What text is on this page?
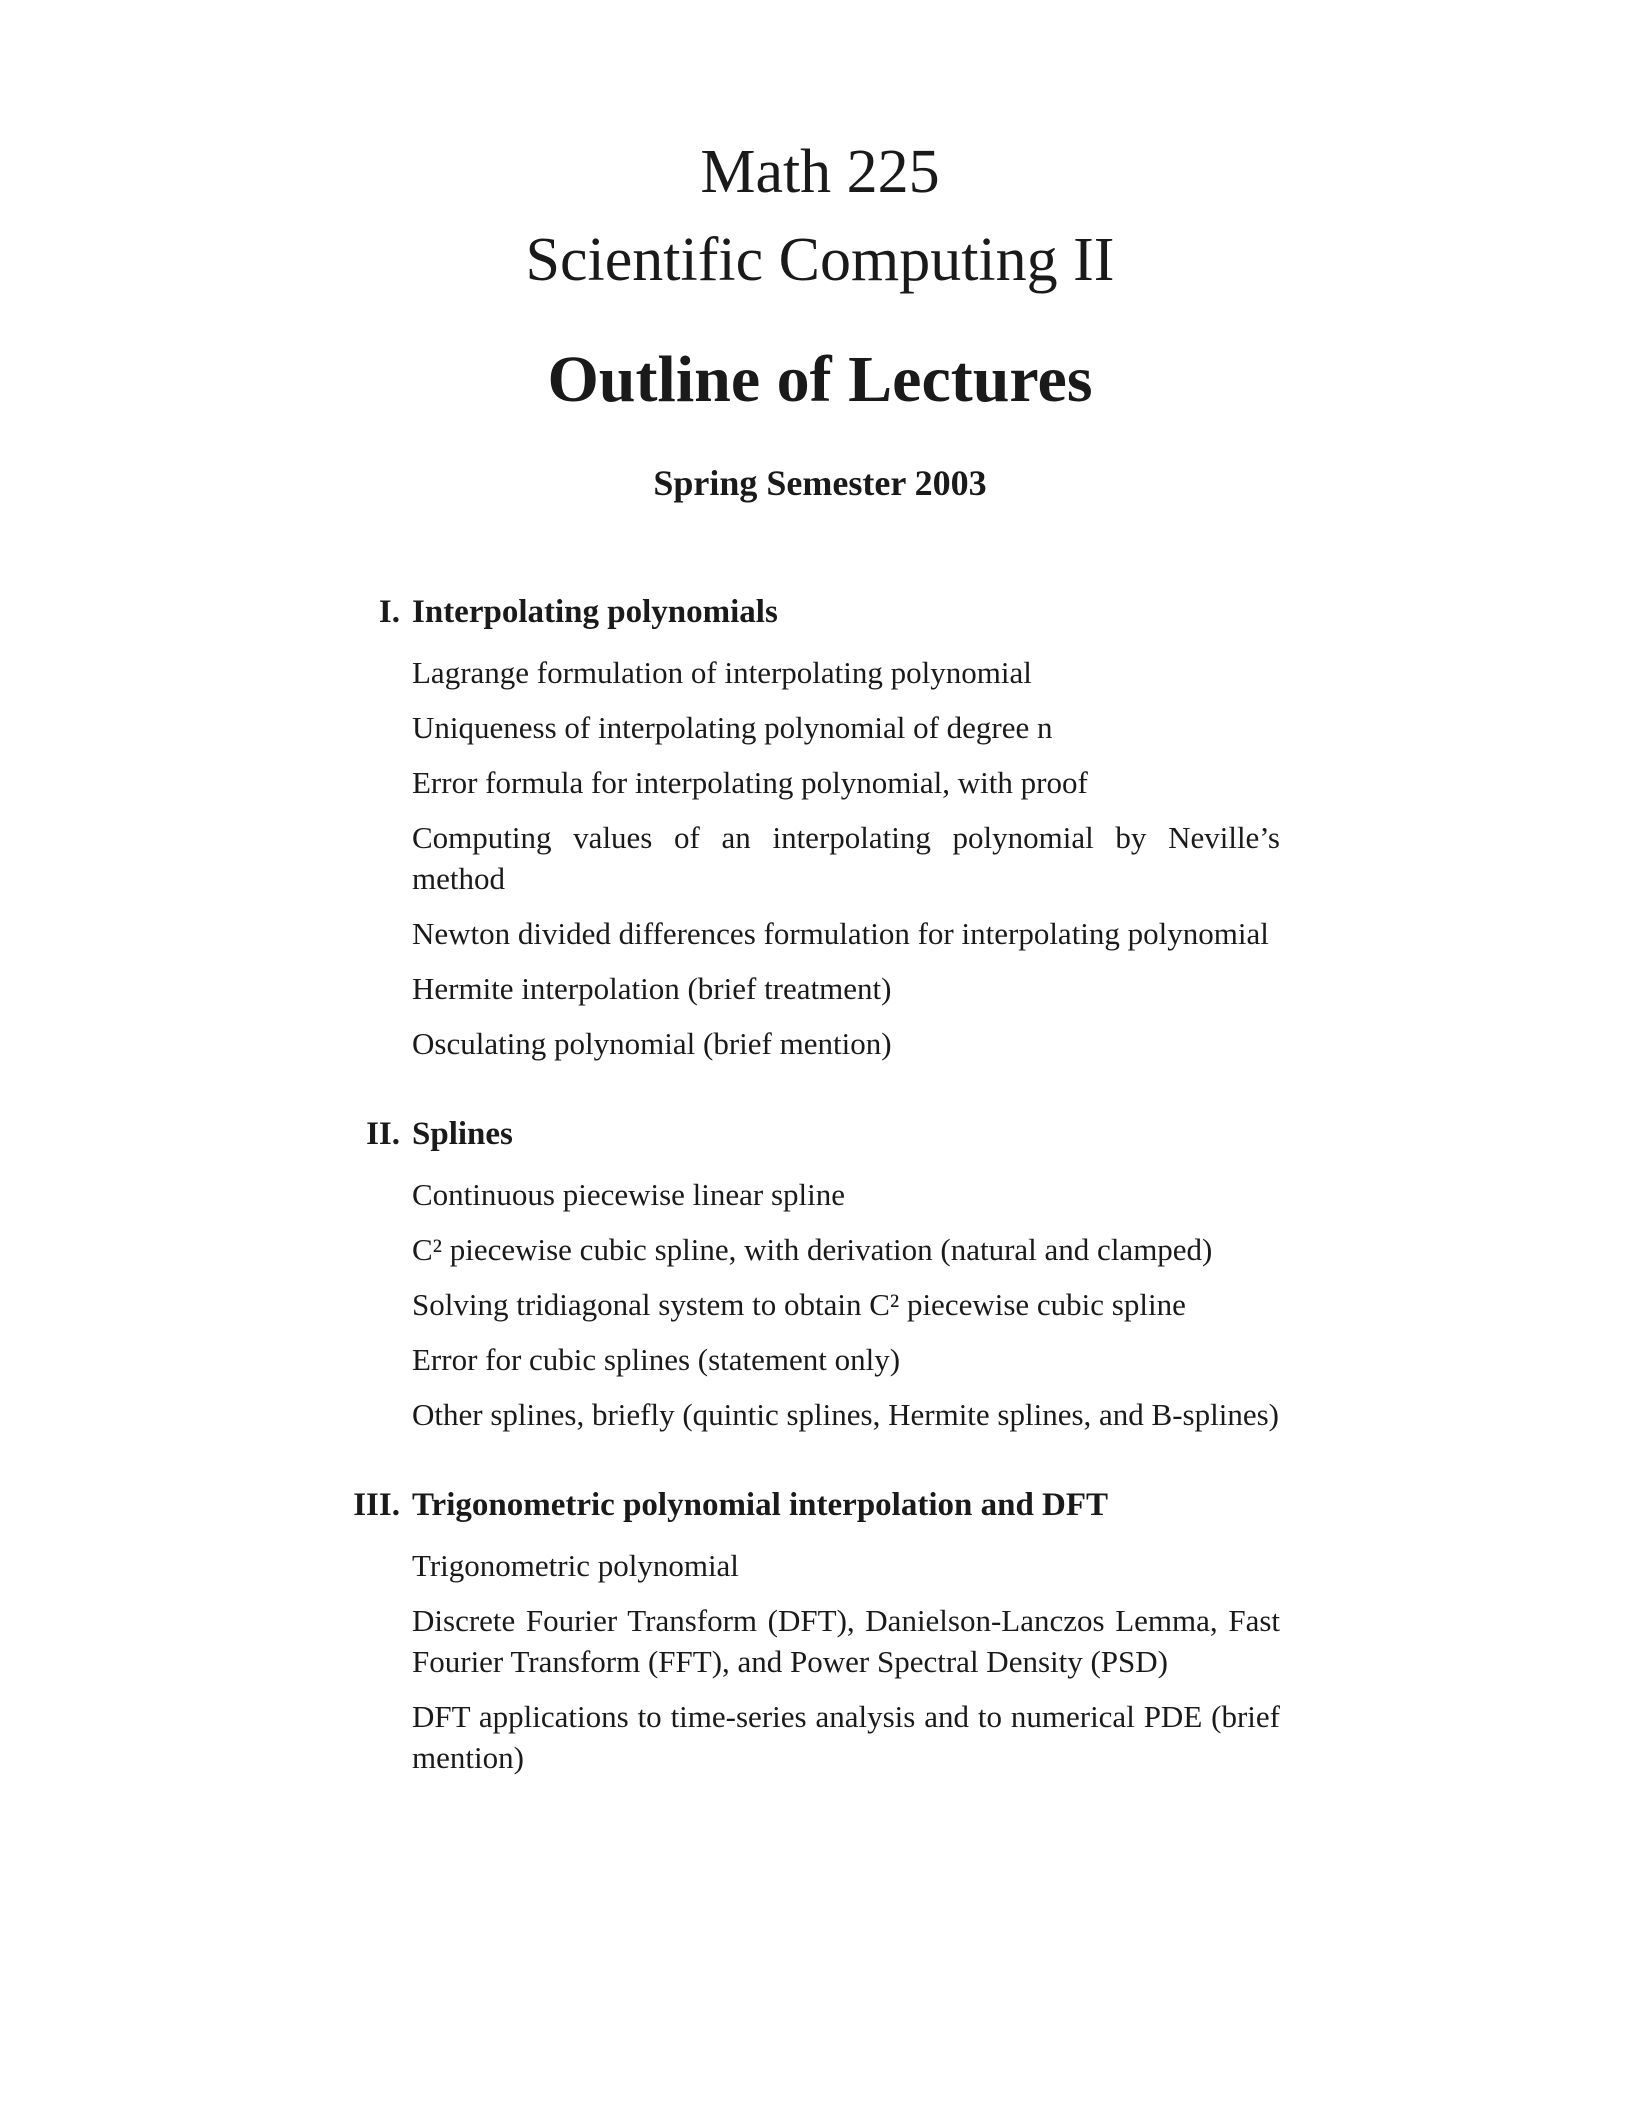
Math 225
Scientific Computing II
Outline of Lectures
Spring Semester 2003
I. Interpolating polynomials
Lagrange formulation of interpolating polynomial
Uniqueness of interpolating polynomial of degree n
Error formula for interpolating polynomial, with proof
Computing values of an interpolating polynomial by Neville’s method
Newton divided differences formulation for interpolating polynomial
Hermite interpolation (brief treatment)
Osculating polynomial (brief mention)
II. Splines
Continuous piecewise linear spline
C² piecewise cubic spline, with derivation (natural and clamped)
Solving tridiagonal system to obtain C² piecewise cubic spline
Error for cubic splines (statement only)
Other splines, briefly (quintic splines, Hermite splines, and B-splines)
III. Trigonometric polynomial interpolation and DFT
Trigonometric polynomial
Discrete Fourier Transform (DFT), Danielson-Lanczos Lemma, Fast Fourier Transform (FFT), and Power Spectral Density (PSD)
DFT applications to time-series analysis and to numerical PDE (brief mention)
